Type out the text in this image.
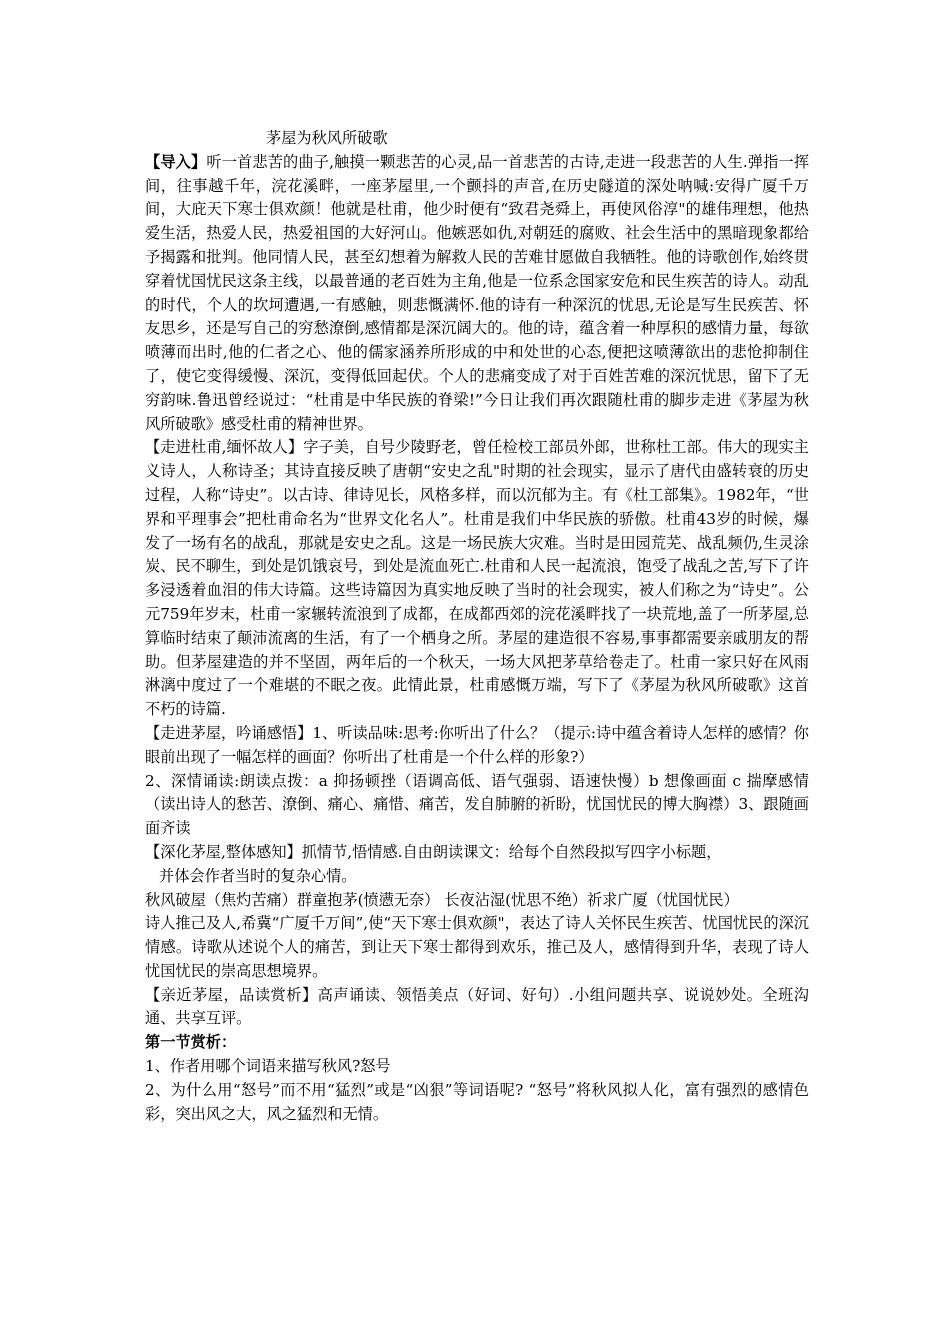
茅屋为秋风所破歌

【导入】听一首悲苦的曲子,触摸一颗悲苦的心灵,品一首悲苦的古诗,走进一段悲苦的人生.弹指一挥间，往事越千年，浣花溪畔，一座茅屋里,一个颤抖的声音,在历史隧道的深处呐喊:安得广厦千万间，大庇天下寒士俱欢颜！他就是杜甫，他少时便有“致君尧舜上，再使风俗淳"的雄伟理想，他热爱生活，热爱人民，热爱祖国的大好河山。他嫉恶如仇,对朝廷的腐败、社会生活中的黑暗现象都给予揭露和批判。他同情人民，甚至幻想着为解救人民的苦难甘愿做自我牺牲。他的诗歌创作,始终贯穿着忧国忧民这条主线，以最普通的老百姓为主角,他是一位系念国家安危和民生疾苦的诗人。动乱的时代，个人的坎坷遭遇,一有感触，则悲慨满怀.他的诗有一种深沉的忧思,无论是写生民疾苦、怀友思乡，还是写自己的穷愁潦倒,感情都是深沉阔大的。他的诗，蕴含着一种厚积的感情力量，每欲喷薄而出时,他的仁者之心、他的儒家涵养所形成的中和处世的心态,便把这喷薄欲出的悲怆抑制住了，使它变得缓慢、深沉，变得低回起伏。个人的悲痛变成了对于百姓苦难的深沉忧思，留下了无穷韵味.鲁迅曾经说过：“杜甫是中华民族的脊梁!”今日让我们再次跟随杜甫的脚步走进《茅屋为秋风所破歌》感受杜甫的精神世界。

【走进杜甫,缅怀故人】字子美，自号少陵野老，曾任检校工部员外郎，世称杜工部。伟大的现实主义诗人，人称诗圣；其诗直接反映了唐朝“安史之乱"时期的社会现实，显示了唐代由盛转衰的历史过程，人称“诗史”。以古诗、律诗见长，风格多样，而以沉郁为主。有《杜工部集》。1982年，“世界和平理事会”把杜甫命名为“世界文化名人”。杜甫是我们中华民族的骄傲。杜甫43岁的时候，爆发了一场有名的战乱，那就是安史之乱。这是一场民族大灾难。当时是田园荒芜、战乱频仍,生灵涂炭、民不聊生，到处是饥饿哀号，到处是流血死亡.杜甫和人民一起流浪，饱受了战乱之苦,写下了许多浸透着血泪的伟大诗篇。这些诗篇因为真实地反映了当时的社会现实，被人们称之为“诗史”。公元759年岁末，杜甫一家辗转流浪到了成都，在成都西郊的浣花溪畔找了一块荒地,盖了一所茅屋,总算临时结束了颠沛流离的生活，有了一个栖身之所。茅屋的建造很不容易,事事都需要亲戚朋友的帮助。但茅屋建造的并不坚固，两年后的一个秋天，一场大风把茅草给卷走了。杜甫一家只好在风雨淋漓中度过了一个难堪的不眠之夜。此情此景，杜甫感慨万端，写下了《茅屋为秋风所破歌》这首不朽的诗篇.

【走进茅屋，吟诵感悟】1、听读品味:思考:你听出了什么？（提示:诗中蕴含着诗人怎样的感情？你眼前出现了一幅怎样的画面？你听出了杜甫是一个什么样的形象?）

2、深情诵读:朗读点拨：a 抑扬顿挫（语调高低、语气强弱、语速快慢）b 想像画面 c 揣摩感情（读出诗人的愁苦、潦倒、痛心、痛惜、痛苦，发自肺腑的祈盼，忧国忧民的博大胸襟）3、跟随画面齐读

【深化茅屋,整体感知】抓情节,悟情感.自由朗读课文：给每个自然段拟写四字小标题，

并体会作者当时的复杂心情。

秋风破屋（焦灼苦痛）群童抱茅(愤懑无奈） 长夜沾湿(忧思不绝）祈求广厦（忧国忧民）

诗人推己及人,希冀“广厦千万间”,使“天下寒士俱欢颜"，表达了诗人关怀民生疾苦、忧国忧民的深沉情感。诗歌从述说个人的痛苦，到让天下寒士都得到欢乐，推己及人，感情得到升华，表现了诗人忧国忧民的崇高思想境界。

【亲近茅屋，品读赏析】高声诵读、领悟美点（好词、好句）.小组问题共享、说说妙处。全班沟通、共享互评。

第一节赏析：

1、作者用哪个词语来描写秋风?怒号

2、为什么用“怒号”而不用“猛烈”或是“凶狠”等词语呢? “怒号”将秋风拟人化，富有强烈的感情色彩，突出风之大，风之猛烈和无情。
